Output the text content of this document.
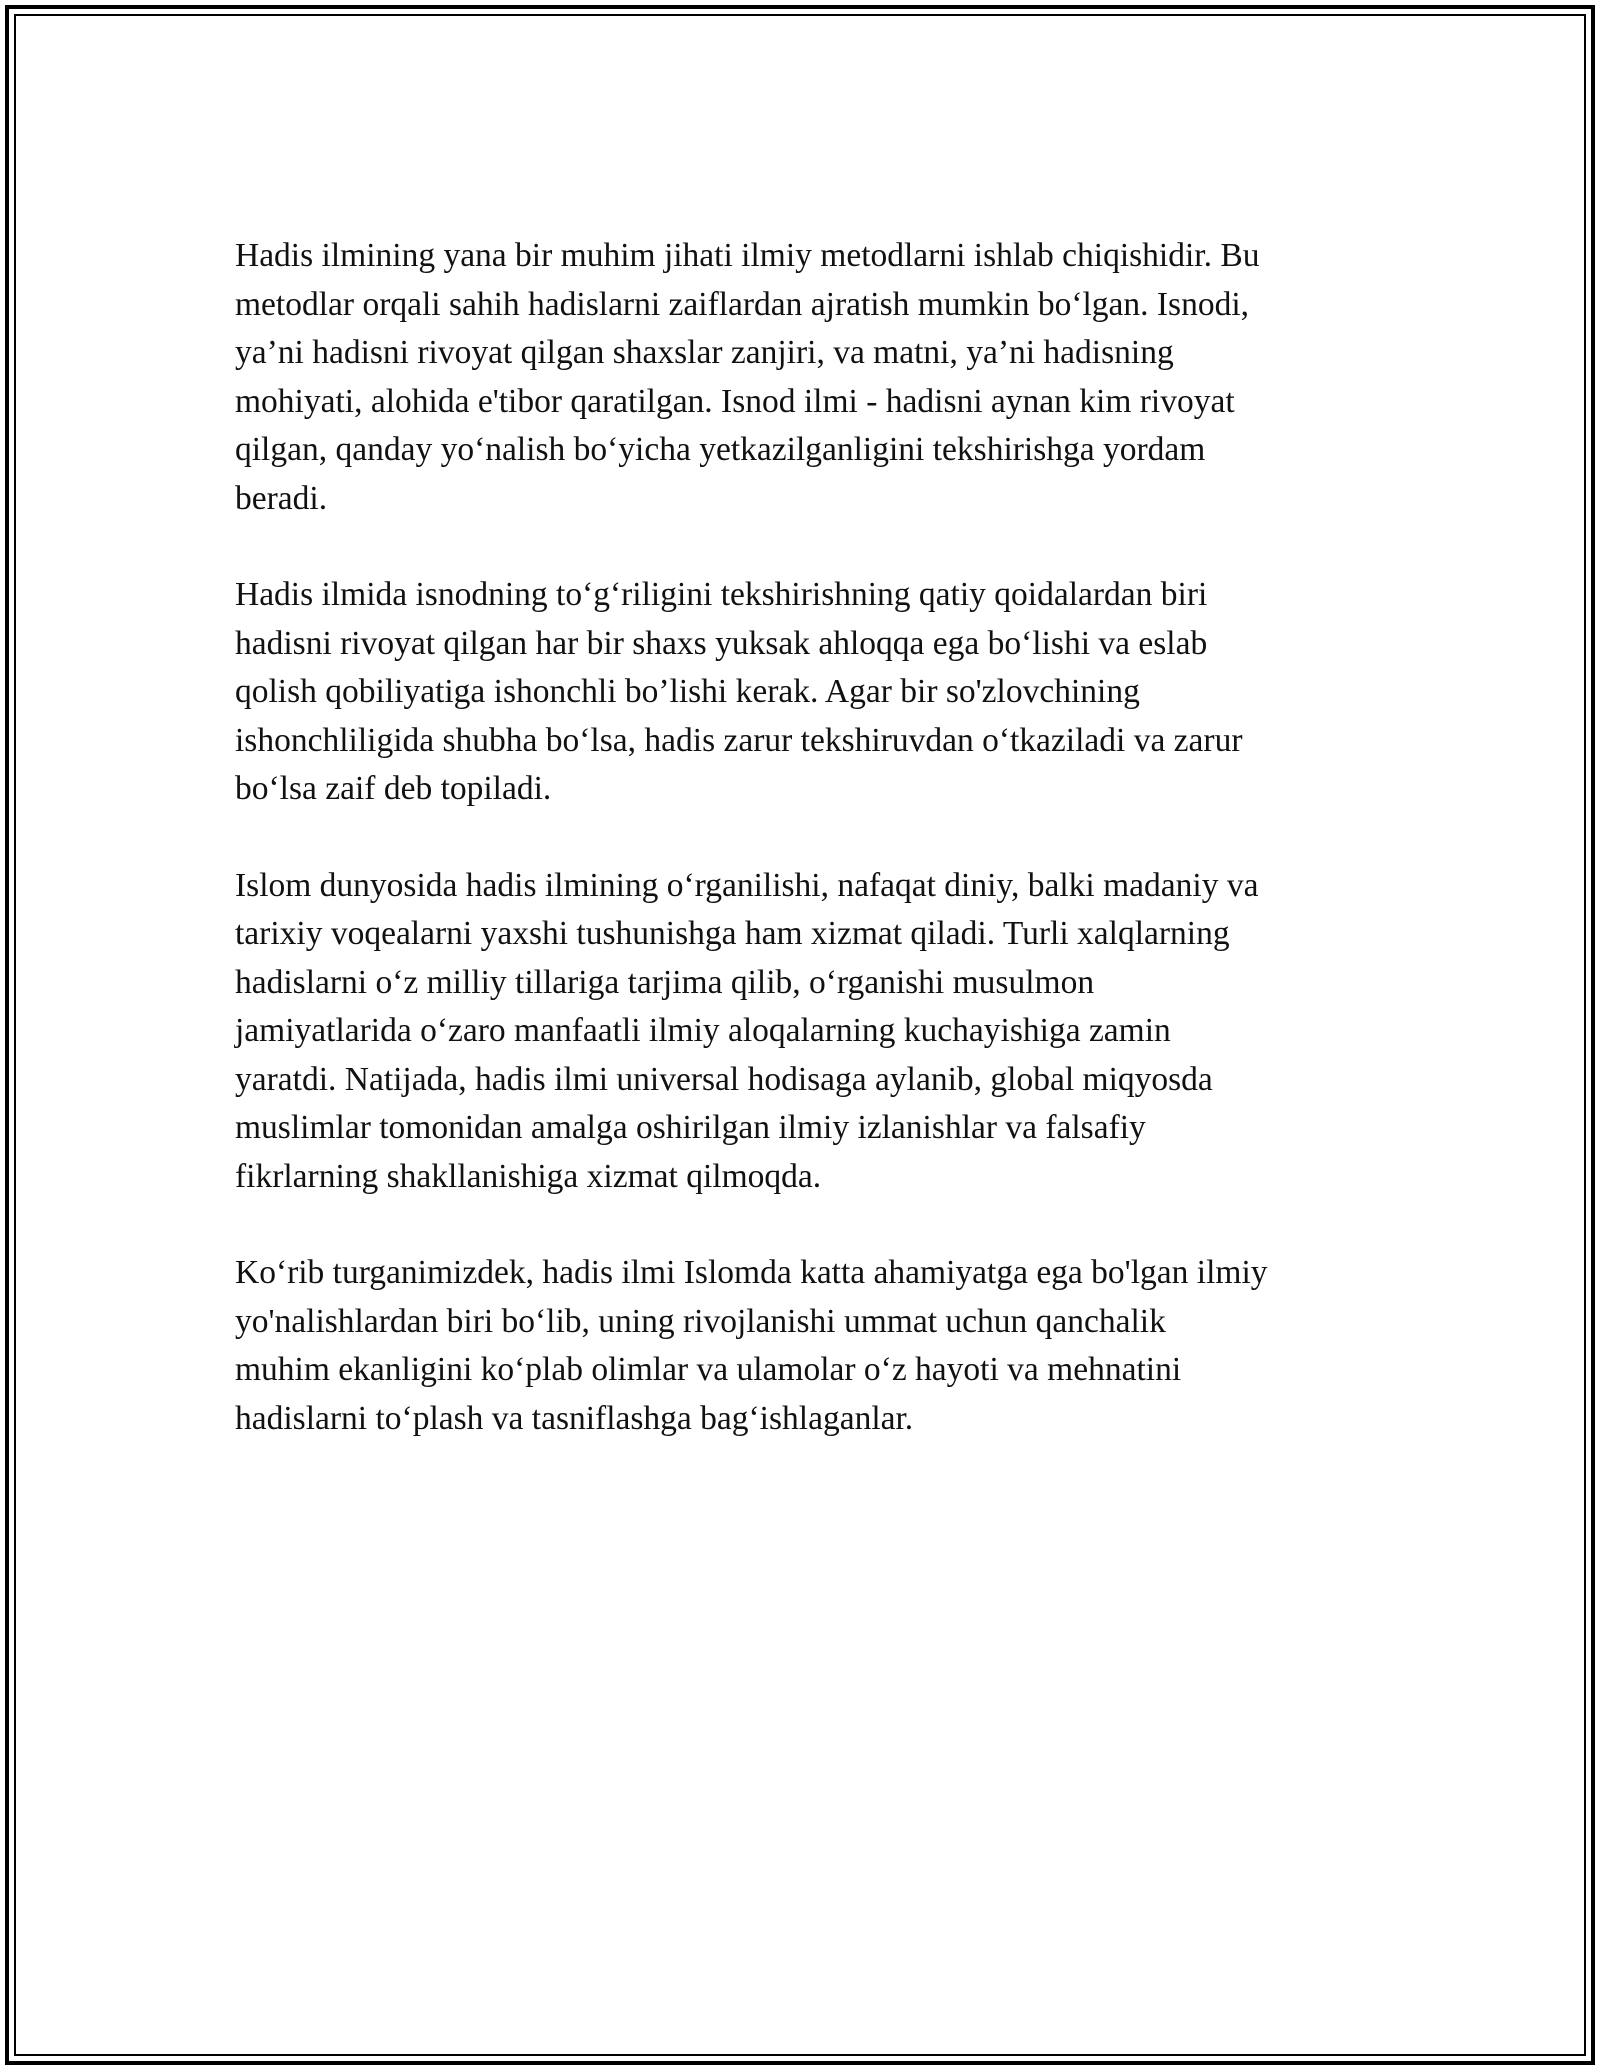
Hadis ilmining yana bir muhim jihati ilmiy metodlarni ishlab chiqishidir. Bu
metodlar orqali sahih hadislarni zaiflardan ajratish mumkin bo‘lgan. Isnodi,
ya’ni hadisni rivoyat qilgan shaxslar zanjiri, va matni, ya’ni hadisning
mohiyati, alohida e'tibor qaratilgan. Isnod ilmi - hadisni aynan kim rivoyat
qilgan, qanday yo‘nalish bo‘yicha yetkazilganligini tekshirishga yordam
beradi.

Hadis ilmida isnodning to‘g‘riligini tekshirishning qatiy qoidalardan biri
hadisni rivoyat qilgan har bir shaxs yuksak ahloqqa ega bo‘lishi va eslab
qolish qobiliyatiga ishonchli bo’lishi kerak. Agar bir so'zlovchining
ishonchliligida shubha bo‘lsa, hadis zarur tekshiruvdan o‘tkaziladi va zarur
bo‘lsa zaif deb topiladi.

Islom dunyosida hadis ilmining o‘rganilishi, nafaqat diniy, balki madaniy va
tarixiy voqealarni yaxshi tushunishga ham xizmat qiladi. Turli xalqlarning
hadislarni o‘z milliy tillariga tarjima qilib, o‘rganishi musulmon
jamiyatlarida o‘zaro manfaatli ilmiy aloqalarning kuchayishiga zamin
yaratdi. Natijada, hadis ilmi universal hodisaga aylanib, global miqyosda
muslimlar tomonidan amalga oshirilgan ilmiy izlanishlar va falsafiy
fikrlarning shakllanishiga xizmat qilmoqda.

Ko‘rib turganimizdek, hadis ilmi Islomda katta ahamiyatga ega bo'lgan ilmiy
yo'nalishlardan biri bo‘lib, uning rivojlanishi ummat uchun qanchalik
muhim ekanligini ko‘plab olimlar va ulamolar o‘z hayoti va mehnatini
hadislarni to‘plash va tasniflashga bag‘ishlaganlar.
